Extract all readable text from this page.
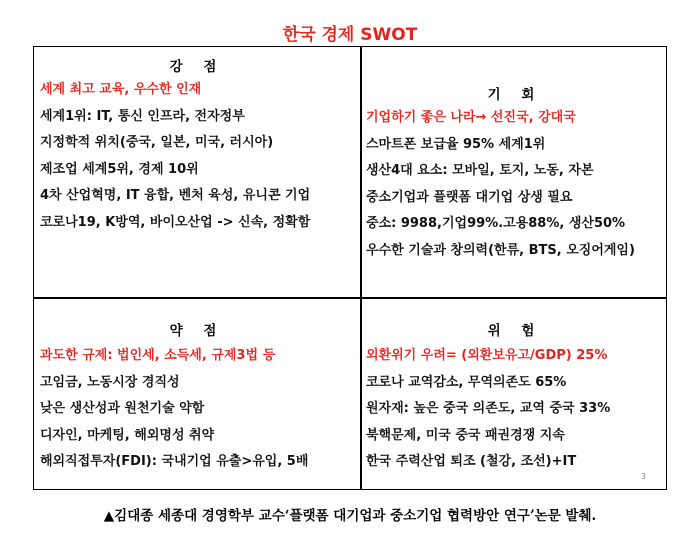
한국 경제 SWOT
강 점
세계 최고 교육, 우수한 인재
세계1위: IT, 통신 인프라, 전자정부
지정학적 위치(중국, 일본, 미국, 러시아)
제조업 세계5위, 경제 10위
4차 산업혁명, IT 융합, 벤처 육성, 유니콘 기업
코로나19, K방역, 바이오산업 -> 신속, 정확함
기 회
기업하기 좋은 나라→ 선진국, 강대국
스마트폰 보급율 95% 세계1위
생산4대 요소: 모바일, 토지, 노동, 자본
중소기업과 플랫폼 대기업 상생 필요
중소: 9988,기업99%.고용88%, 생산50%
우수한 기술과 창의력(한류, BTS, 오징어게임)
약 점
과도한 규제: 법인세, 소득세, 규제3법 등
고임금, 노동시장 경직성
낮은 생산성과 원천기술 약함
디자인, 마케팅, 해외명성 취약
해외직접투자(FDI): 국내기업 유출>유입, 5배
위 험
외환위기 우려= (외환보유고/GDP) 25%
코로나 교역감소, 무역의존도 65%
원자재: 높은 중국 의존도, 교역 중국 33%
북핵문제, 미국 중국 패권경쟁 지속
한국 주력산업 퇴조 (철강, 조선)+IT
3
▲김대종 세종대 경영학부 교수‘플랫폼 대기업과 중소기업 협력방안 연구’논문 발췌.
